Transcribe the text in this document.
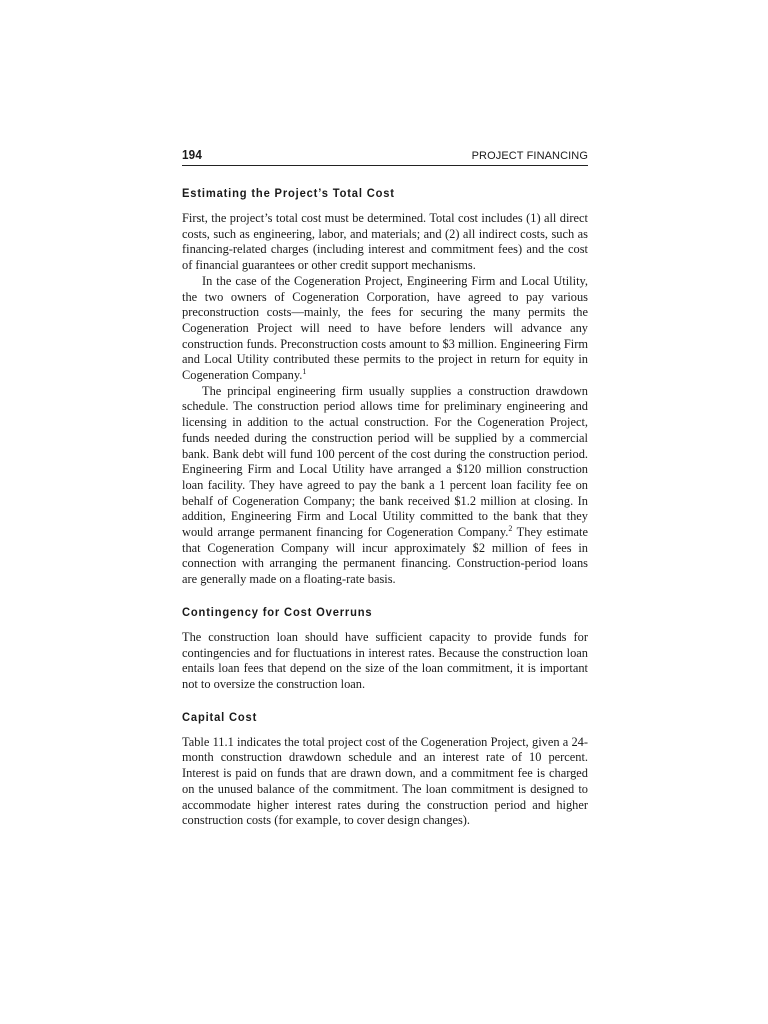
194	PROJECT FINANCING
Estimating the Project’s Total Cost

First, the project’s total cost must be determined. Total cost includes (1) all direct costs, such as engineering, labor, and materials; and (2) all indirect costs, such as financing-related charges (including interest and commitment fees) and the cost of financial guarantees or other credit support mechanisms.

In the case of the Cogeneration Project, Engineering Firm and Local Utility, the two owners of Cogeneration Corporation, have agreed to pay various preconstruction costs—mainly, the fees for securing the many permits the Cogeneration Project will need to have before lenders will advance any construction funds. Preconstruction costs amount to $3 million. Engineering Firm and Local Utility contributed these permits to the project in return for equity in Cogeneration Company.$^1$

The principal engineering firm usually supplies a construction drawdown schedule. The construction period allows time for preliminary engineering and licensing in addition to the actual construction. For the Cogeneration Project, funds needed during the construction period will be supplied by a commercial bank. Bank debt will fund 100 percent of the cost during the construction period. Engineering Firm and Local Utility have arranged a $120 million construction loan facility. They have agreed to pay the bank a 1 percent loan facility fee on behalf of Cogeneration Company; the bank received $1.2 million at closing. In addition, Engineering Firm and Local Utility committed to the bank that they would arrange permanent financing for Cogeneration Company.$^2$ They estimate that Cogeneration Company will incur approximately $2 million of fees in connection with arranging the permanent financing. Construction-period loans are generally made on a floating-rate basis.

Contingency for Cost Overruns

The construction loan should have sufficient capacity to provide funds for contingencies and for fluctuations in interest rates. Because the construction loan entails loan fees that depend on the size of the loan commitment, it is important not to oversize the construction loan.

Capital Cost

Table 11.1 indicates the total project cost of the Cogeneration Project, given a 24-month construction drawdown schedule and an interest rate of 10 percent. Interest is paid on funds that are drawn down, and a commitment fee is charged on the unused balance of the commitment. The loan commitment is designed to accommodate higher interest rates during the construction period and higher construction costs (for example, to cover design changes).
